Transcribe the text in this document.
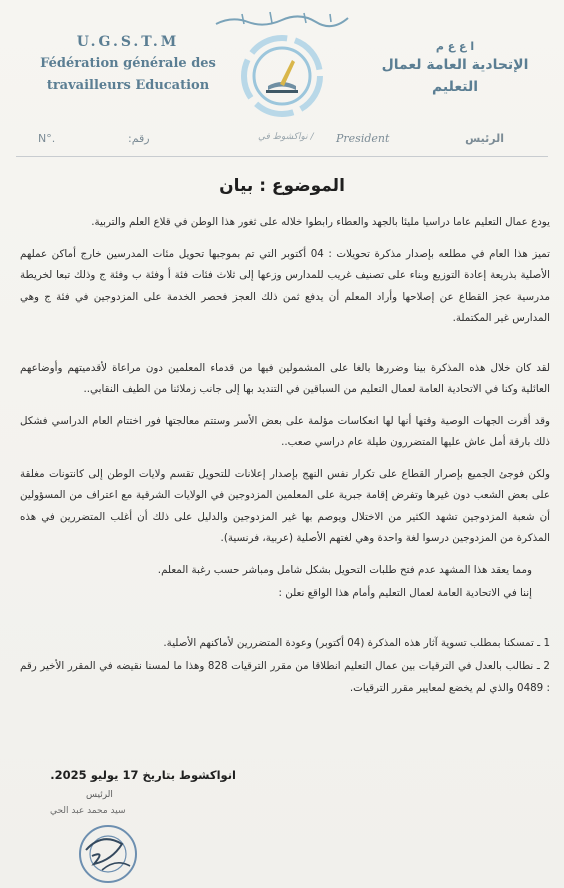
U.G.S.T.M
Fédération générale des
travailleurs Education
ا ع ع م
الإتحادية العامة لعمال
التعليم
N°.	رقم:	نواكشوط في / President	الرئيس
الموضوع : بيان

يودع عمال التعليم عاما دراسيا مليئا بالجهد والعطاء رابطوا خلاله على ثغور هذا الوطن في قلاع العلم والتربية.

تميز هذا العام في مطلعه بإصدار مذكرة تحويلات : 04 أكتوبر التي تم بموجبها تحويل مئات المدرسين خارج أماكن عملهم الأصلية بذريعة إعادة التوزيع وبناء على تصنيف غريب للمدارس وزعها إلى ثلاث فئات فئة أ وفئة ب وفئة ج وذلك تبعا لخريطة مدرسية عجز القطاع عن إصلاحها وأراد المعلم أن يدفع ثمن ذلك العجز فحصر الخدمة على المزدوجين في فئة ج وهي المدارس غير المكتملة.

لقد كان خلال هذه المذكرة بينا وضررها بالغا على المشمولين فيها من قدماء المعلمين دون مراعاة لأقدميتهم وأوضاعهم العائلية وكنا في الاتحادية العامة لعمال التعليم من السباقين في التنديد بها إلى جانب زملائنا من الطيف النقابي..

وقد أقرت الجهات الوصية وقتها أنها لها انعكاسات مؤلمة على بعض الأسر وستتم معالجتها فور اختتام العام الدراسي فشكل ذلك بارقة أمل عاش عليها المتضررون طيلة عام دراسي صعب..

ولكن فوجئ الجميع بإصرار القطاع على تكرار نفس النهج بإصدار إعلانات للتحويل تقسم ولايات الوطن إلى كانتونات مغلقة على بعض الشعب دون غيرها وتفرض إقامة جبرية على المعلمين المزدوجين في الولايات الشرقية مع اعتراف من المسؤولين أن شعبة المزدوجين تشهد الكثير من الاختلال ويوصم بها غير المزدوجين والدليل على ذلك أن أغلب المتضررين في هذه المذكرة من المزدوجين درسوا لغة واحدة وهي لغتهم الأصلية (عربية، فرنسية).

ومما يعقد هذا المشهد عدم فتح طلبات التحويل بشكل شامل ومباشر حسب رغبة المعلم.

إننا في الاتحادية العامة لعمال التعليم وأمام هذا الواقع نعلن :

1 ـ تمسكنا بمطلب تسوية آثار هذه المذكرة (04 أكتوبر) وعودة المتضررين لأماكنهم الأصلية.

2 ـ نطالب بالعدل في الترقيات بين عمال التعليم انطلاقا من مقرر الترقيات 828 وهذا ما لمسنا نقيضه في المقرر الأخير رقم : 0489 والذي لم يخضع لمعايير مقرر الترقيات.

انواكشوط بتاريخ 17 يوليو 2025.
الرئيس
سيد محمد عبد الحي
